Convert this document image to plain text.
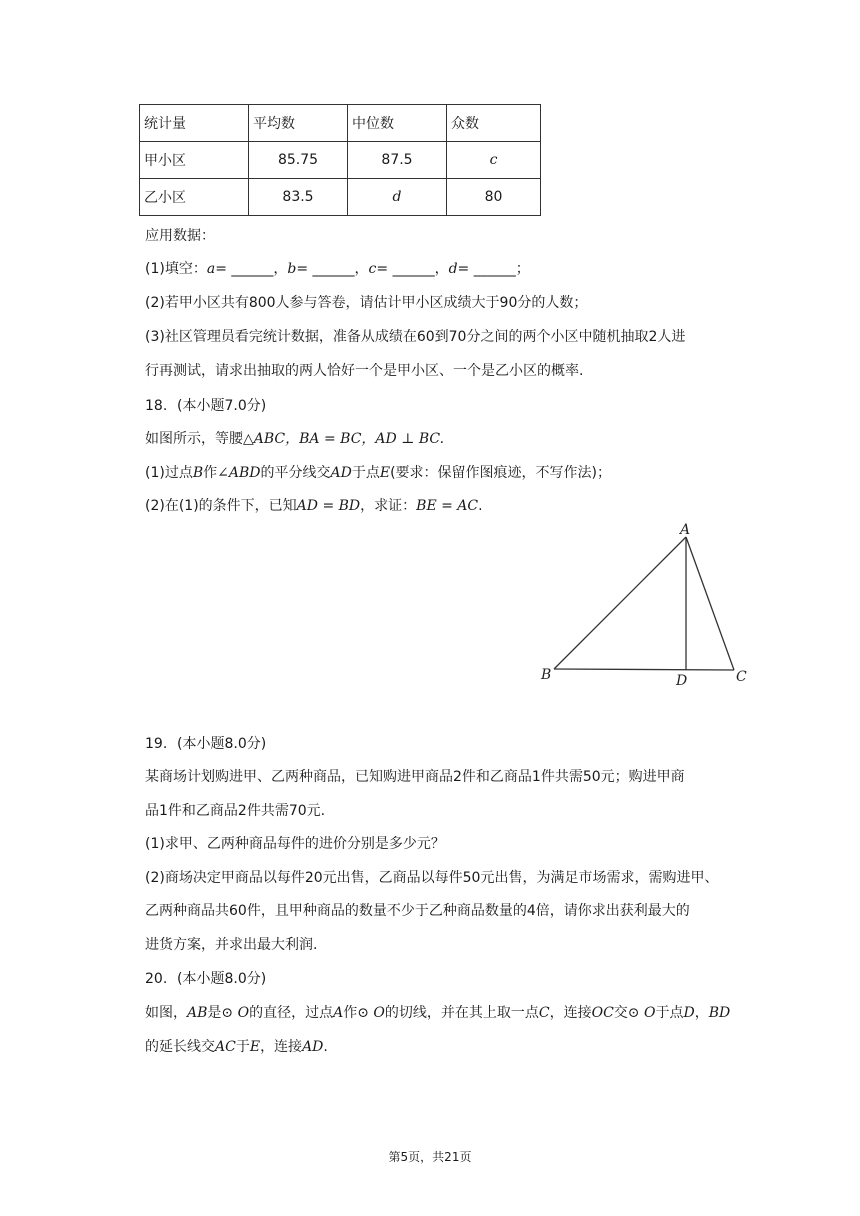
统计量	平均数	中位数	众数
甲小区	85.75	87.5	c
乙小区	83.5	d	80
应用数据：
(1)填空：a= ______，b= ______，c= ______，d= ______；
(2)若甲小区共有800人参与答卷，请估计甲小区成绩大于90分的人数；
(3)社区管理员看完统计数据，准备从成绩在60到70分之间的两个小区中随机抽取2人进
行再测试，请求出抽取的两人恰好一个是甲小区、一个是乙小区的概率.
18. (本小题7.0分)
如图所示，等腰△ABC，BA = BC，AD ⊥ BC.
(1)过点B作∠ABD的平分线交AD于点E(要求：保留作图痕迹，不写作法)；
(2)在(1)的条件下，已知AD = BD，求证：BE = AC.
A
B	C
D
19. (本小题8.0分)
某商场计划购进甲、乙两种商品，已知购进甲商品2件和乙商品1件共需50元；购进甲商
品1件和乙商品2件共需70元.
(1)求甲、乙两种商品每件的进价分别是多少元？
(2)商场决定甲商品以每件20元出售，乙商品以每件50元出售，为满足市场需求，需购进甲、
乙两种商品共60件，且甲种商品的数量不少于乙种商品数量的4倍，请你求出获利最大的
进货方案，并求出最大利润.
20. (本小题8.0分)
如图，AB是⊙ O的直径，过点A作⊙ O的切线，并在其上取一点C，连接OC交⊙ O于点D，BD
的延长线交AC于E，连接AD.
第5页，共21页
